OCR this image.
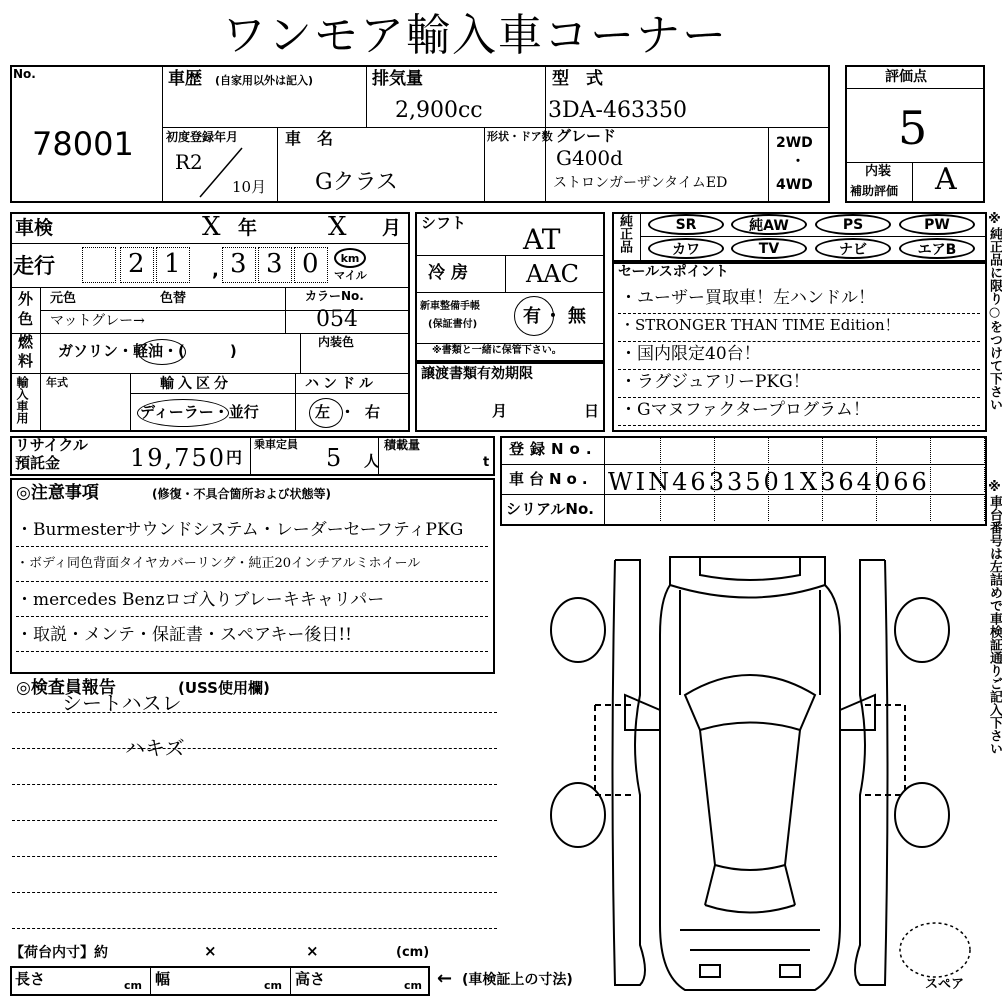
ワンモア輸入車コーナー
No.
78001
車歴 (自家用以外は記入)	排気量
2,900cc
型　式
3DA-463350
初度登録年月
R2
10月
車　名
Gクラス
形状・ドア数 グレード
G400d
ストロンガーザンタイムED
2WD
・
4WD
評価点
5
内装
補助評価 A
車検	X 年	X 月
走行	2 1 3 3 0
,
km
マイル
外
色
元色	色替
マットグレー→
カラーNo.
054
燃
料
ガソリン・軽油・(　　　)	内装色
輸入車用 年式	輸入区分
ディーラー・並行
ハンドル
左・右
シフト AT
冷房 AAC
新車整備手帳
(保証書付)	有 ・ 無
※書類と一緒に保管下さい。
譲渡書類有効期限
月	日
純正品	SR	純AW	PS	PW
カワ	TV	ナビ	エアB
セールスポイント
・ユーザー買取車！左ハンドル！
・STRONGER THAN TIME Edition！
・国内限定40台！
・ラグジュアリーPKG！
・Gマヌファクタープログラム！	※純正品に限り○をつけて下さい
※車台番号は左詰めで車検証通りご記入下さい
リサイクル
預託金	19,750 円
乗車定員 5 人
積載量
t
登録No.
車台No. WIN4633501X364066
シリアルNo.
◎注意事項	(修復・不具合箇所および状態等)
・Burmesterサウンドシステム・レーダーセーフティPKG
・ボディ同色背面タイヤカバーリング・純正20インチアルミホイール
・mercedes Benzロゴ入りブレーキキャリパー
・取説・メンテ・保証書・スペアキー後日!!
◎検査員報告	(USS使用欄)
シートハスレ
ハキズ
スペア
【荷台内寸】約	×	×	(cm)
長さ	cm 幅	cm 高さ	cm ← (車検証上の寸法)
